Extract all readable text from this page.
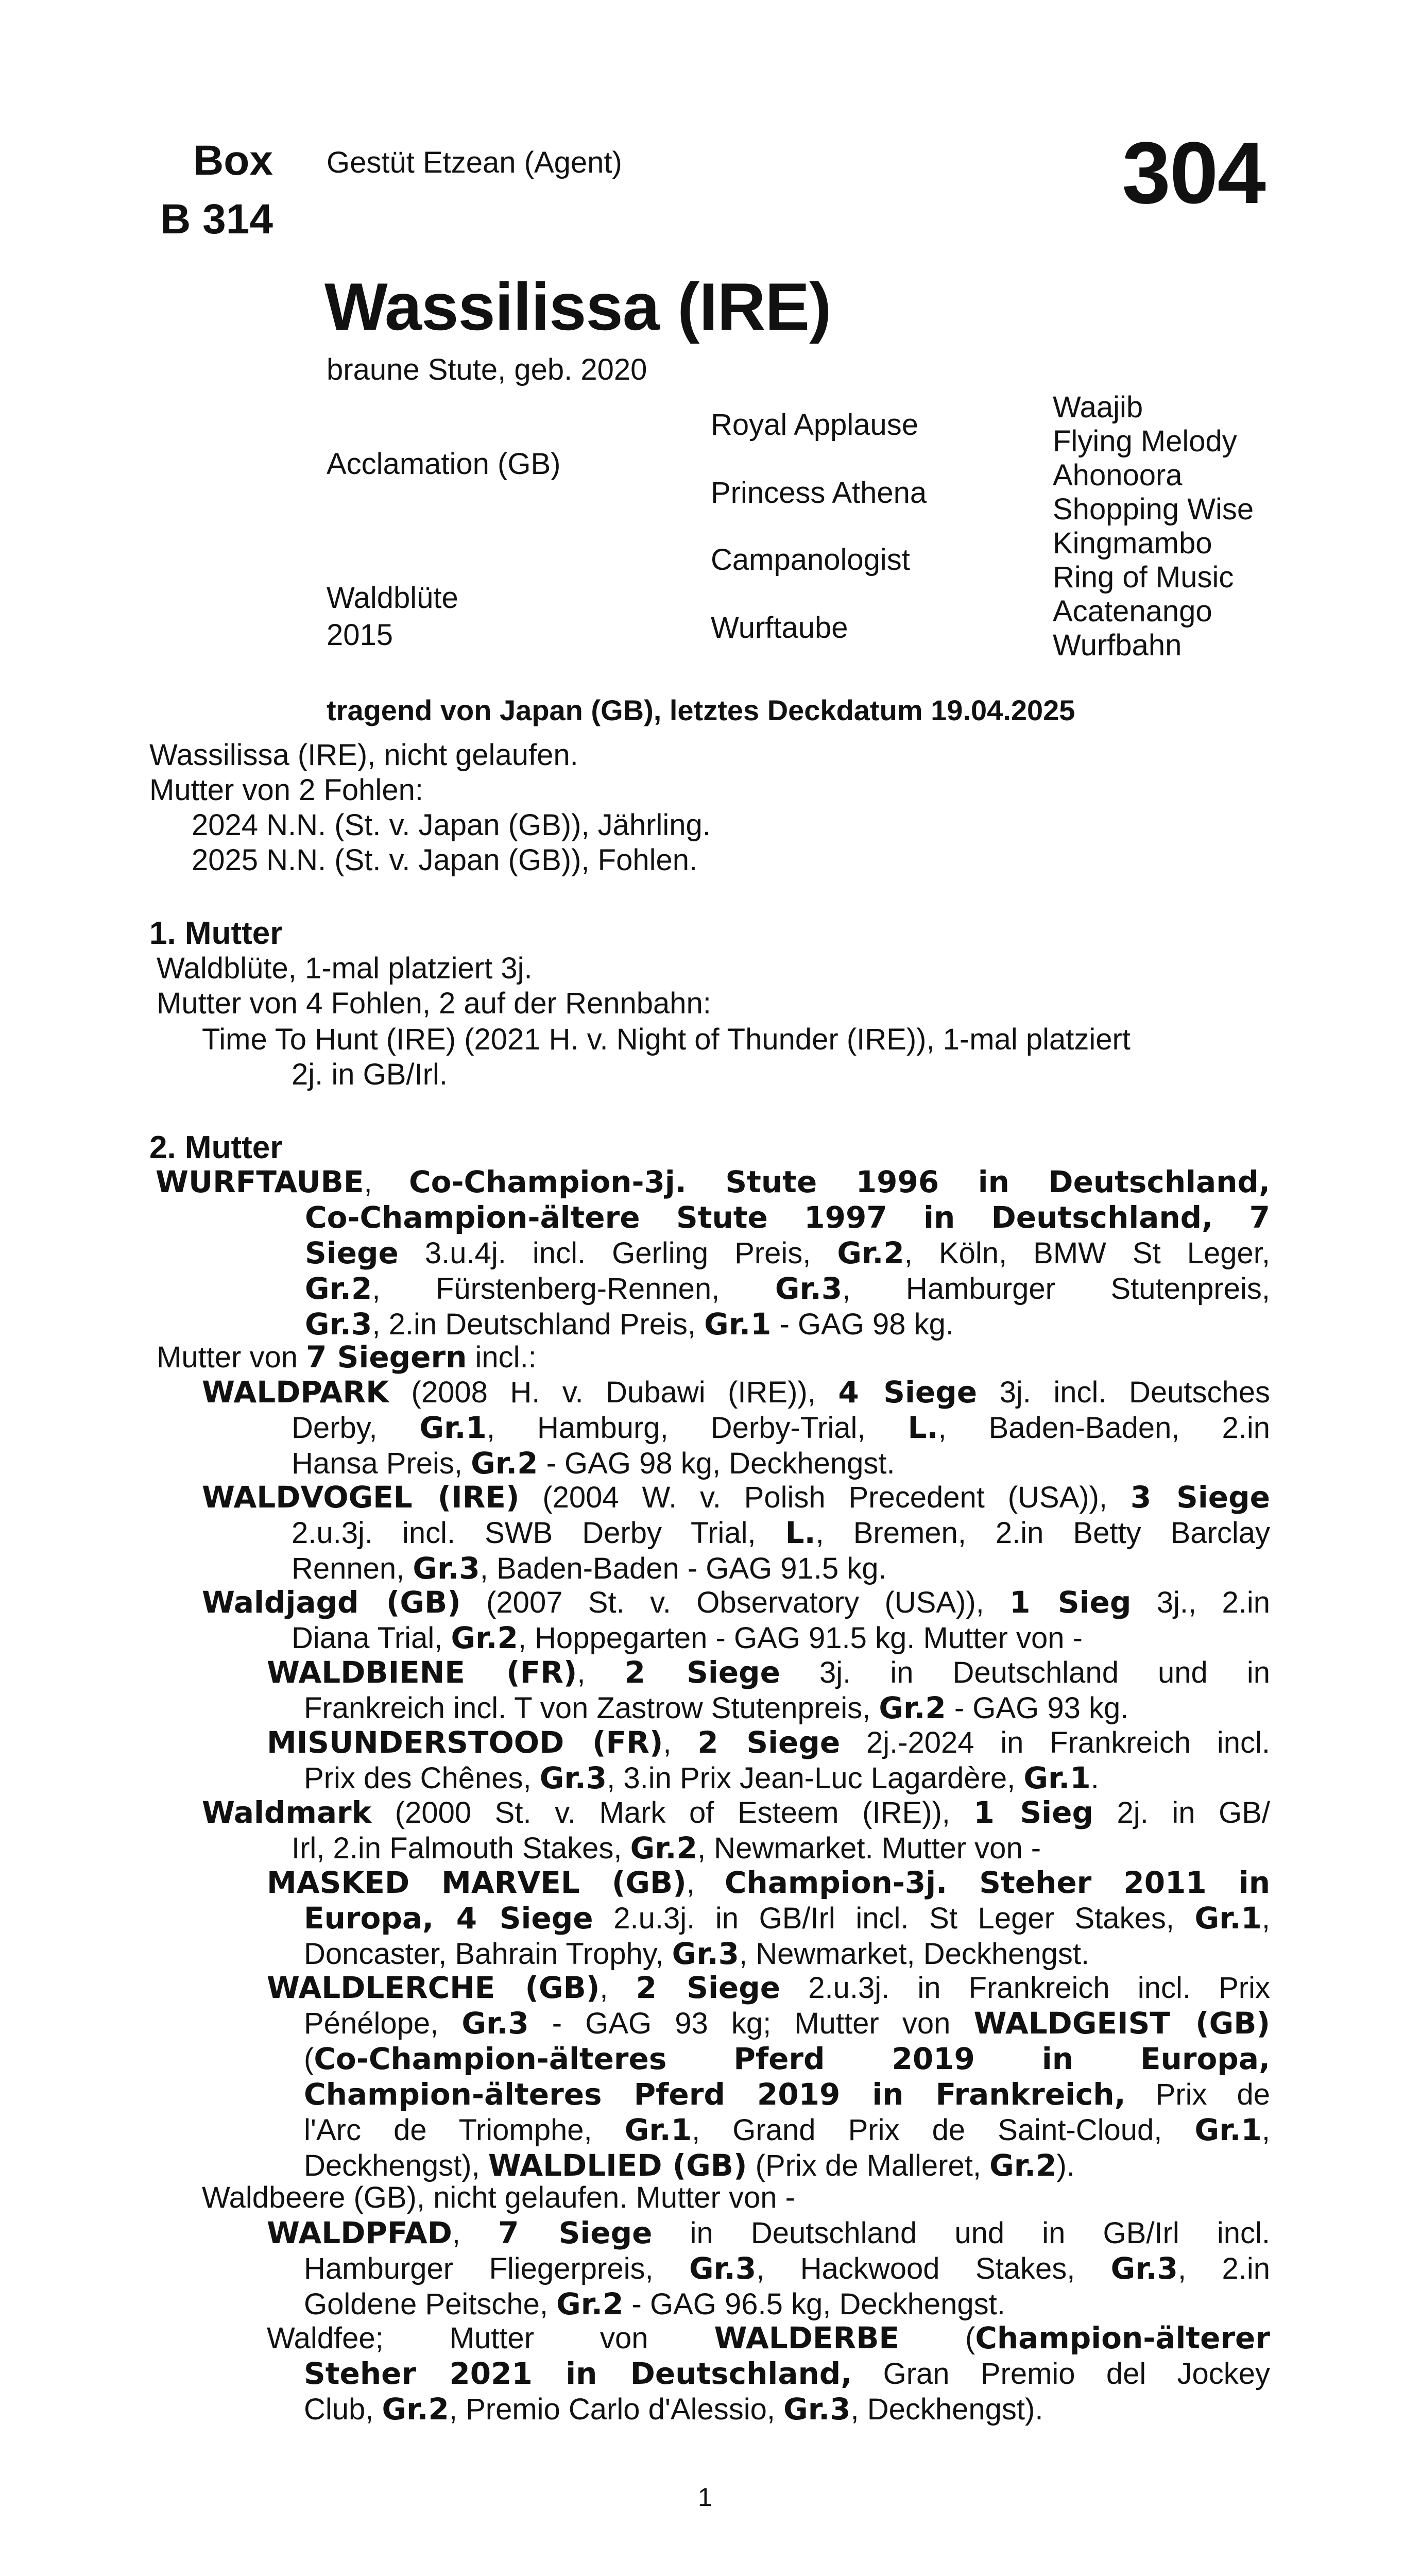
Box
B 314
Gestüt Etzean (Agent)	304
Wassilissa (IRE)
braune Stute, geb. 2020
Acclamation (GB)
Waldblüte
2015
Royal Applause
Princess Athena
Campanologist
Wurftaube
Waajib
Flying Melody
Ahonoora
Shopping Wise
Kingmambo
Ring of Music
Acatenango
Wurfbahn
tragend von Japan (GB), letztes Deckdatum 19.04.2025
Wassilissa (IRE), nicht gelaufen.
Mutter von 2 Fohlen:
2024 N.N. (St. v. Japan (GB)), Jährling.
2025 N.N. (St. v. Japan (GB)), Fohlen.
1. Mutter
Waldblüte, 1-mal platziert 3j.
Mutter von 4 Fohlen, 2 auf der Rennbahn:
Time To Hunt (IRE) (2021 H. v. Night of Thunder (IRE)), 1-mal platziert
2j. in GB/Irl.
2. Mutter
WURFTAUBE, Co-Champion-3j. Stute 1996 in Deutschland,
Co-Champion-ältere Stute 1997 in Deutschland, 7
Siege 3.u.4j. incl. Gerling Preis, Gr.2, Köln, BMW St Leger,
Gr.2, Fürstenberg-Rennen, Gr.3, Hamburger Stutenpreis,
Gr.3, 2.in Deutschland Preis, Gr.1 - GAG 98 kg.
Mutter von 7 Siegern incl.:
WALDPARK (2008 H. v. Dubawi (IRE)), 4 Siege 3j. incl. Deutsches
Derby, Gr.1, Hamburg, Derby-Trial, L., Baden-Baden, 2.in
Hansa Preis, Gr.2 - GAG 98 kg, Deckhengst.
WALDVOGEL (IRE) (2004 W. v. Polish Precedent (USA)), 3 Siege
2.u.3j. incl. SWB Derby Trial, L., Bremen, 2.in Betty Barclay
Rennen, Gr.3, Baden-Baden - GAG 91.5 kg.
Waldjagd (GB) (2007 St. v. Observatory (USA)), 1 Sieg 3j., 2.in
Diana Trial, Gr.2, Hoppegarten - GAG 91.5 kg. Mutter von -
WALDBIENE (FR), 2 Siege 3j. in Deutschland und in
Frankreich incl. T von Zastrow Stutenpreis, Gr.2 - GAG 93 kg.
MISUNDERSTOOD (FR), 2 Siege 2j.-2024 in Frankreich incl.
Prix des Chênes, Gr.3, 3.in Prix Jean-Luc Lagardère, Gr.1.
Waldmark (2000 St. v. Mark of Esteem (IRE)), 1 Sieg 2j. in GB/
Irl, 2.in Falmouth Stakes, Gr.2, Newmarket. Mutter von -
MASKED MARVEL (GB), Champion-3j. Steher 2011 in
Europa, 4 Siege 2.u.3j. in GB/Irl incl. St Leger Stakes, Gr.1,
Doncaster, Bahrain Trophy, Gr.3, Newmarket, Deckhengst.
WALDLERCHE (GB), 2 Siege 2.u.3j. in Frankreich incl. Prix
Pénélope, Gr.3 - GAG 93 kg; Mutter von WALDGEIST (GB)
(Co-Champion-älteres Pferd 2019 in Europa,
Champion-älteres Pferd 2019 in Frankreich, Prix de
l'Arc de Triomphe, Gr.1, Grand Prix de Saint-Cloud, Gr.1,
Deckhengst), WALDLIED (GB) (Prix de Malleret, Gr.2).
Waldbeere (GB), nicht gelaufen. Mutter von -
WALDPFAD, 7 Siege in Deutschland und in GB/Irl incl.
Hamburger Fliegerpreis, Gr.3, Hackwood Stakes, Gr.3, 2.in
Goldene Peitsche, Gr.2 - GAG 96.5 kg, Deckhengst.
Waldfee; Mutter von WALDERBE (Champion-älterer
Steher 2021 in Deutschland, Gran Premio del Jockey
Club, Gr.2, Premio Carlo d'Alessio, Gr.3, Deckhengst).
1
